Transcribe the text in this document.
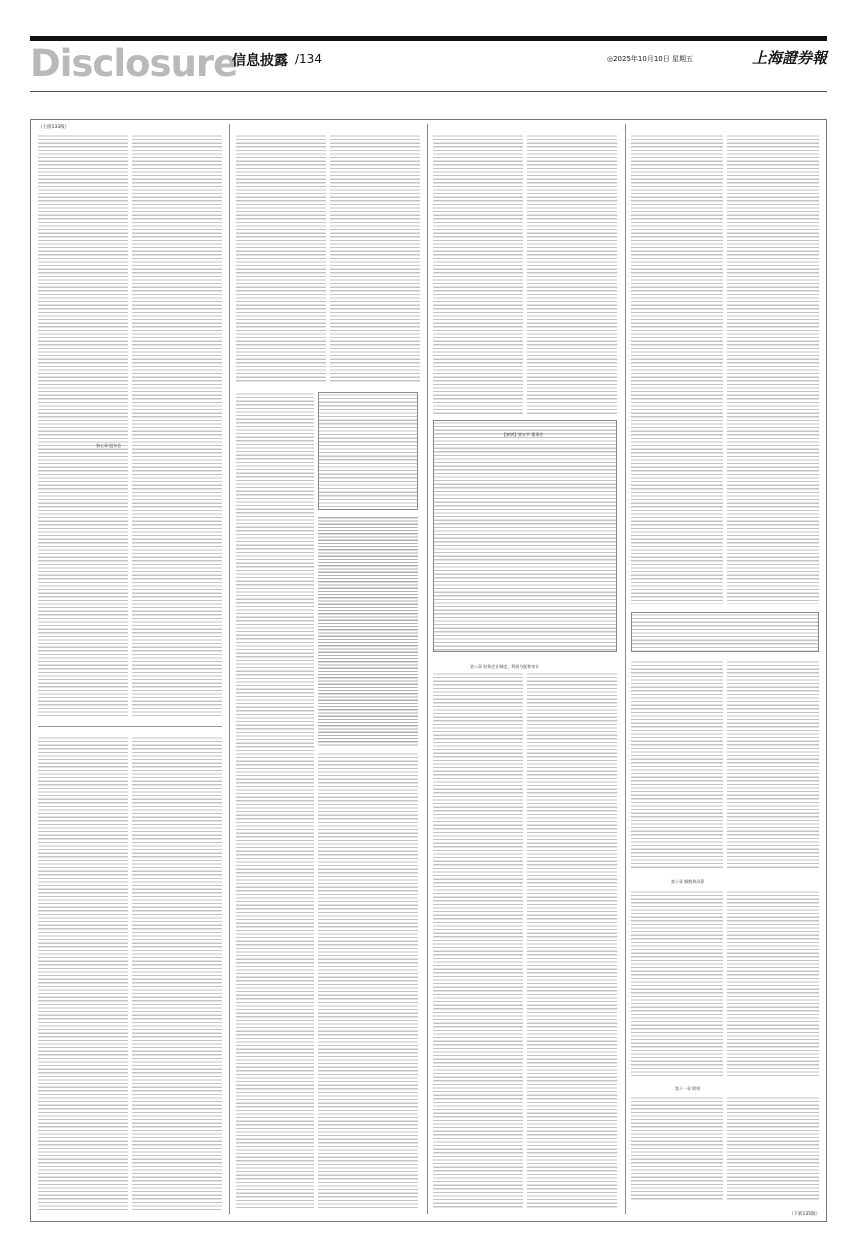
Disclosure
信息披露 /134	◎2025年10月10日 星期五	上海證券報
（上接133版）
第七章 股东会
【新增】第五节 董事会
第八章 财务会计制度、利润分配和审计
第十章 解散和清算
第十一章 附则
（下转135版）
